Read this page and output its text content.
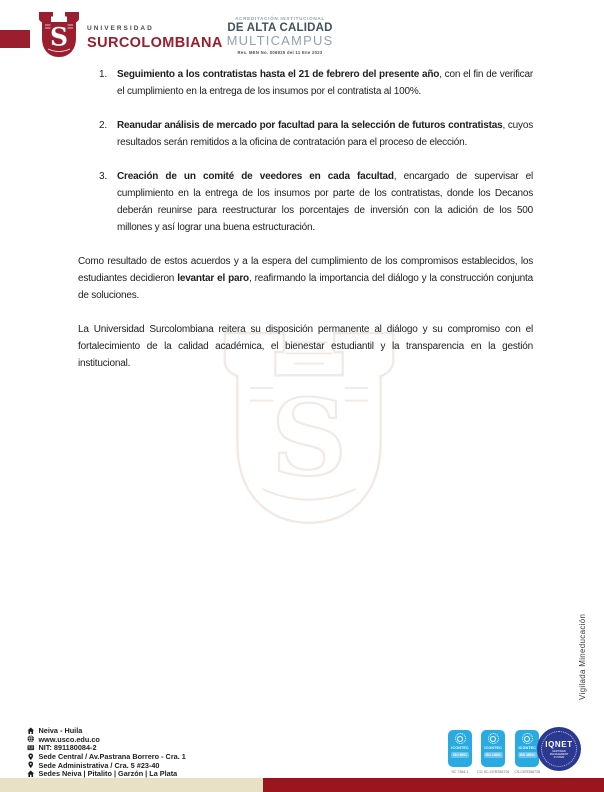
S	UNIVERSIDAD
SURCOLOMBIANA
ACREDITACIÓN INSTITUCIONAL
DE ALTA CALIDAD
MULTICAMPUS
Res. MEN No. 006825 del 11 Ene 2023
S
1. Seguimiento a los contratistas hasta el 21 de febrero del presente año, con el fin de verificar el cumplimiento en la entrega de los insumos por el contratista al 100%.
2. Reanudar análisis de mercado por facultad para la selección de futuros contratistas, cuyos resultados serán remitidos a la oficina de contratación para el proceso de elección.
3. Creación de un comité de veedores en cada facultad, encargado de supervisar el cumplimiento en la entrega de los insumos por parte de los contratistas, donde los Decanos deberán reunirse para reestructurar los porcentajes de inversión con la adición de los 500 millones y así lograr una buena estructuración.

Como resultado de estos acuerdos y a la espera del cumplimiento de los compromisos establecidos, los estudiantes decidieron levantar el paro, reafirmando la importancia del diálogo y la construcción conjunta de soluciones.

La Universidad Surcolombiana reitera su disposición permanente al diálogo y su compromiso con el fortalecimiento de la calidad académica, el bienestar estudiantil y la transparencia en la gestión institucional.

Vigilada Mineducación
Neiva - Huila
www.usco.edu.co
NIT: 891180084-2
Sede Central / Av.Pastrana Borrero - Cra. 1
Sede Administrativa / Cra. 5 #23-40
Sedes Neiva | Pitalito | Garzón | La Plata
ICONTEC
ISO 9001
SC 7384-1
ICONTEC
ISO 14001
CO-SC-CER358726
ICONTEC
ISO 45001
CS-CER358726
IQNET
CERTIFIED MANAGEMENT SYSTEM
